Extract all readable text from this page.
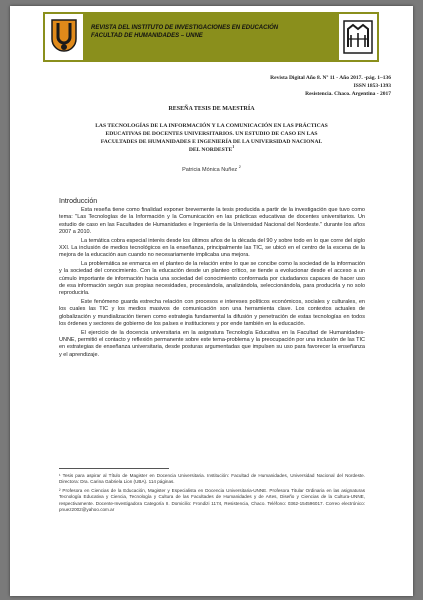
REVISTA DEL INSTITUTO DE INVESTIGACIONES EN EDUCACIÓN
FACULTAD DE HUMANIDADES – UNNE
Revista Digital Año 8. Nº 11 - Año 2017. -pág. 1–136
ISSN 1853-1393
Resistencia. Chaco. Argentina - 2017
RESEÑA TESIS DE MAESTRÍA
LAS TECNOLOGÍAS DE LA INFORMACIÓN Y LA COMUNICACIÓN EN LAS PRÁCTICAS
EDUCATIVAS DE DOCENTES UNIVERSITARIOS. UN ESTUDIO DE CASO EN LAS
FACULTADES DE HUMANIDADES E INGENIERÍA DE LA UNIVERSIDAD NACIONAL
DEL NORDESTE$^1$
Patricia Mónica Nuñez $^2$
Introducción

Esta reseña tiene como finalidad exponer brevemente la tesis producida a partir de la investigación que tuvo como tema: "Las Tecnologías de la Información y la Comunicación en las prácticas educativas de docentes universitarios. Un estudio de caso en las Facultades de Humanidades e Ingeniería de la Universidad Nacional del Nordeste." durante los años 2007 a 2010.

La temática cobra especial interés desde los últimos años de la década del 90 y sobre todo en lo que corre del siglo XXI. La inclusión de medios tecnológicos en la enseñanza, principalmente las TIC, se ubicó en el centro de la escena de la mejora de la educación aun cuando no necesariamente implicaba una mejora.

La problemática se enmarca en el planteo de la relación entre lo que se concibe como la sociedad de la información y la sociedad del conocimiento. Con la educación desde un planteo crítico, se tiende a evolucionar desde el acceso a un cúmulo importante de información hacia una sociedad del conocimiento conformada por ciudadanos capaces de hacer uso de esa información según sus propias necesidades, procesándola, analizándola, seleccionándola, para producirla y no solo reproducirla.

Este fenómeno guarda estrecha relación con procesos e intereses políticos económicos, sociales y culturales, en los cuales las TIC y los medios masivos de comunicación son una herramienta clave. Los contextos actuales de globalización y mundialización tienen como estrategia fundamental la difusión y penetración de estas tecnologías en todos los órdenes y sectores de gobierno de los países e instituciones y por ende también en la educación.

El ejercicio de la docencia universitaria en la asignatura Tecnología Educativa en la Facultad de Humanidades-UNNE, permitió el contacto y reflexión permanente sobre este tema-problema y la preocupación por una inclusión de las TIC en estrategias de enseñanza universitaria, desde posturas argumentadas que impulsen su uso para favorecer la enseñanza y el aprendizaje.

¹ Tesis para aspirar al Título de Magister en Docencia Universitaria. Institución: Facultad de Humanidades, Universidad Nacional del Nordeste. Directora: Dra. Carina Gabriela Lion (UBA). 114 páginas.

² Profesora en Ciencias de la Educación, Magister y Especialista en Docencia Universitaria-UNNE. Profesora Titular Ordinaria en las asignaturas Tecnología Educativa y Ciencia, Tecnología y Cultura de las Facultades de Humanidades y de Artes, Diseño y Ciencias de la Cultura-UNNE, respectivamente. Docente-Investigadora Categoría II. Domicilio: Frondizi 1174, Resistencia, Chaco. Teléfono: 0362-154596017. Correo electrónico: pnuez2002@yahoo.com.ar
